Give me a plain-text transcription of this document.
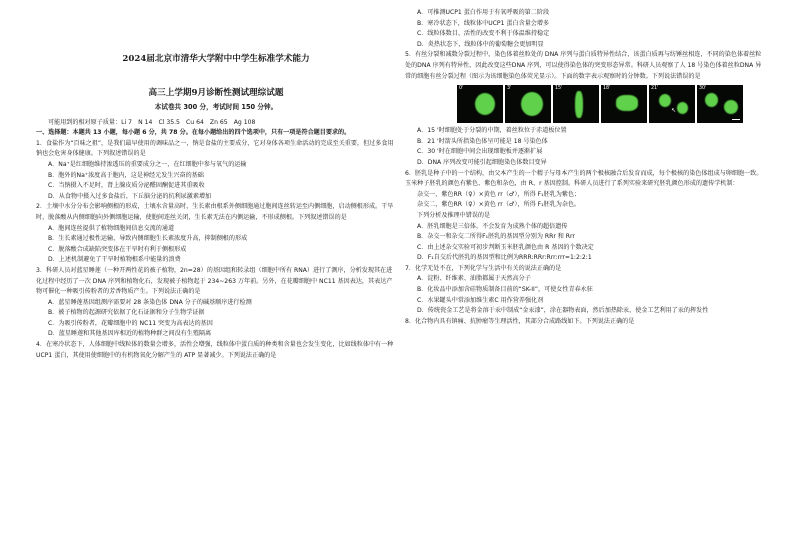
2024届北京市清华大学附中中学生标准学术能力
高三上学期9月诊断性测试理综试题
本试卷共 300 分，考试时间 150 分钟。

可能用到的相对原子质量：Li 7　N 14　Cl 35.5　Cu 64　Zn 65　Ag 108

一、选择题：本题共 13 小题，每小题 6 分，共 78 分。在每小题给出的四个选项中，只有一项是符合题目要求的。

1．食盐作为“百味之祖”，是我们最早使用的调味品之一，钠是食盐的主要成分，它对身体各项生命活动的完成至关重要，但过多食用钠也会危害身体健康。下列叙述错误的是

A．Na⁺是红细胞维持渗透压的重要成分之一，在红细胞中参与氧气的运输

B．胞外的Na⁺浓度高于胞内，这是神经元发生兴奋的基础

C．当钠摄入不足时，肾上腺皮质分泌醛固酮促进其重吸收

D．从食物中摄入过多食盐后，下丘脑分泌的抗利尿激素增加

2．土壤中水分分布会影响侧根的形成，土壤水含量高时，生长素由根系外侧细胞通过胞间连丝转运至内侧细胞，启动侧根形成。干旱时，脱落酸从内侧细胞向外侧细胞运输，使胞间连丝关闭，生长素无法在内侧运输，不形成侧根。下列叙述错误的是

A．胞间连丝提供了植物细胞间信息交流的通道

B．生长素通过极性运输，导致内侧细胞生长素浓度升高，抑制侧根的形成

C．脱落酸合成缺陷突变体在干旱时有利于侧根形成

D．上述机制避免了干旱时植物根系中能量的浪费

3．科研人员对蓝星睡莲（一种开两性花的被子植物，2n=28）的基因组和转录组（细胞中所有 RNA）进行了测序，分析发现其在进化过程中经历了一次 DNA 序列和植物化石，发现被子植物起于 234~263 万年前。另外，在花瓣细胞中 NC11 基因表达，其表达产物可催化一种吸引传粉者的芳香物质产生。下列说法正确的是

A．蓝星睡莲基因组测序需要对 28 条染色体 DNA 分子的碱基顺序进行检测

B．被子植物的起源研究依据了化石证据和分子生物学证据

C．为吸引传粉者，花瓣细胞中的 NC11 突变为高表达的基因

D．蓝星睡莲和其他基因库相近的植物种群之间没有生殖隔离

4．在寒冷状态下，人体细胞中线粒体的数量会增多，活性会增强，线粒体中蛋白质的种类和含量也会发生变化，比如线粒体中有一种 UCP1 蛋白，其使用使细胞中的有机物氧化分解产生的 ATP 显著减少。下列说法正确的是

A．可推测UCP1 蛋白作用于有氧呼吸的第二阶段

B．寒冷状态下，线粒体中UCP1 蛋白含量会增多

C．线粒体数目、活性的改变不利于体温维持稳定

D．炎热状态下，线粒体中的葡萄糖会更加明显

5．有丝分裂和减数分裂过程中，染色体着丝粒处的 DNA 序列与蛋白质特异性结合，该蛋白质再与纺锤丝相连，不同的染色体着丝粒处的DNA 序列有特异性，因此改变这些DNA 序列，可以使得染色体的突变形态异常。科研人员观察了人 18 号染色体着丝粒DNA 异常的细胞有丝分裂过程（图示为该细胞染色体荧光显示）。下面的数字表示观察时的分钟数。下列说法错误的是

0'	3'	15'	18'	21'
↖
30'

A．15 '时细胞处于分裂的中期，着丝粒位于赤道板位置

B．21 '时箭头所指染色体呈可能是 18 号染色体

C．30 '时在细胞中间会出现细胞板并逐渐扩展

D．DNA 序列改变可能引起细胞染色体数目变异

6．胚乳是种子中的一个结构，由父本产生的一个精子与母本产生的两个极核融合后发育而成，每个极核的染色体组成与卵细胞一致。玉米种子胚乳的颜色有紫色、紫色和杂色，由 R、r 基因控制。科研人员进行了系列实验来研究胚乳颜色形成的遗传学机制：

杂交一，紫色RR（♀）×黄色 rr（♂），所得 F₁胚乳为紫色；

杂交二，紫色RR（♀）×黄色 rr（♂），所得 F₁胚乳为杂色。

下列分析及推理中错误的是

A．胚乳细胞是三倍体，不会发育为成熟个体的超倍遗传

B．杂交一和杂交二所得F₁胚乳的基因型分别为 RRr 和 Rrr

C．由上述杂交实验可初步判断玉米胚乳颜色由 R 基因的个数决定

D．F₁自交后代胚乳的基因型和比例为RRR:RRr:Rrr:rrr=1:2:2:1

7．化学无处不在，下列化学与生活中有关的说法正确的是

A．淀粉、纤维素、油脂都属于天然高分子

B．化妆品中添加含硅物质制备目前的“SK-II”，可使女性青春永驻

C．水果罐头中常添加维生素C 用作营养强化剂

D．传统瓷金工艺是将金溶于汞中制成“金汞漆”，涂在器物表面，然后加热除汞，使金工艺利用了汞的挥发性

8．化合物内具有镇痛、抗肿瘤等生理活性，其部分合成路线如下。下列说法正确的是
